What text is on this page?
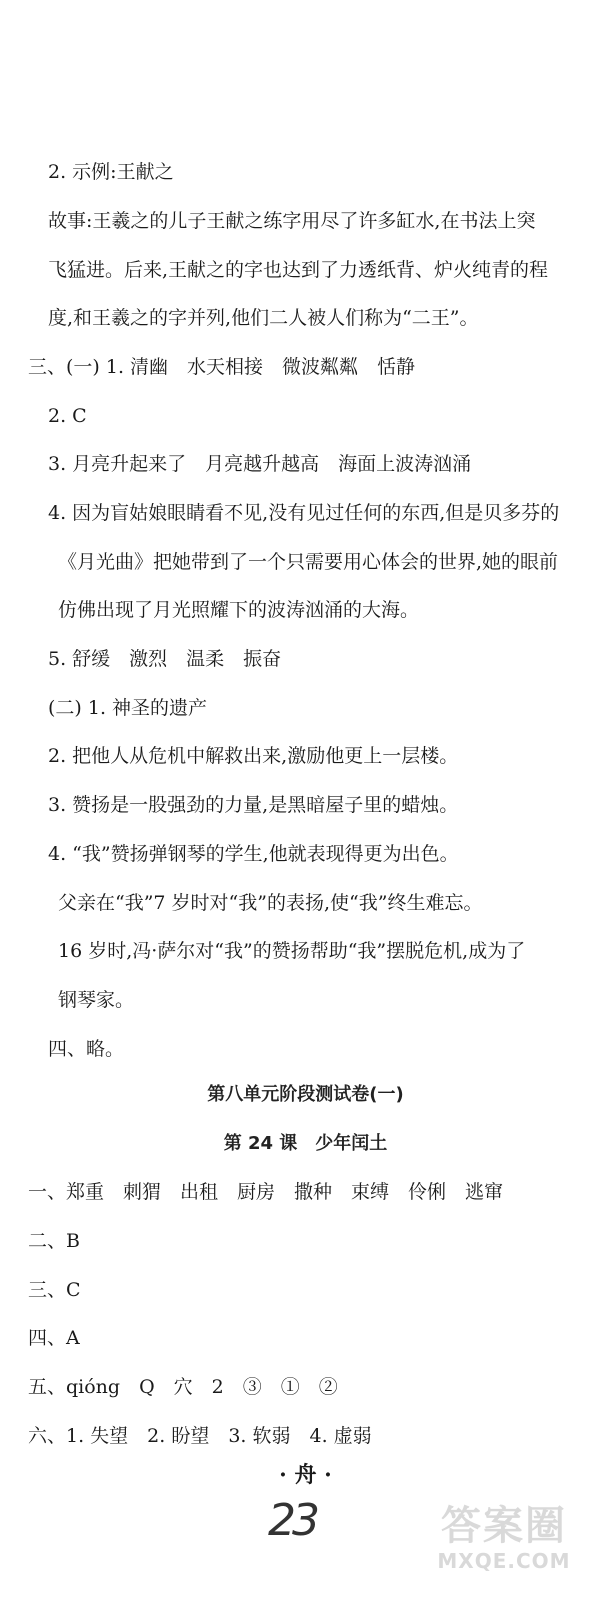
2. 示例:王献之
故事:王羲之的儿子王献之练字用尽了许多缸水,在书法上突
飞猛进。后来,王献之的字也达到了力透纸背、炉火纯青的程
度,和王羲之的字并列,他们二人被人们称为“二王”。
三、(一) 1. 清幽　水天相接　微波粼粼　恬静
2. C
3. 月亮升起来了　月亮越升越高　海面上波涛汹涌
4. 因为盲姑娘眼睛看不见,没有见过任何的东西,但是贝多芬的
《月光曲》把她带到了一个只需要用心体会的世界,她的眼前
仿佛出现了月光照耀下的波涛汹涌的大海。
5. 舒缓　激烈　温柔　振奋
(二) 1. 神圣的遗产
2. 把他人从危机中解救出来,激励他更上一层楼。
3. 赞扬是一股强劲的力量,是黑暗屋子里的蜡烛。
4. “我”赞扬弹钢琴的学生,他就表现得更为出色。
父亲在“我”7 岁时对“我”的表扬,使“我”终生难忘。
16 岁时,冯·萨尔对“我”的赞扬帮助“我”摆脱危机,成为了
钢琴家。
四、略。
第八单元阶段测试卷(一)
第 24 课　少年闰土
一、郑重　刺猬　出租　厨房　撒种　束缚　伶俐　逃窜
二、B
三、C
四、A
五、qióng　Q　穴　2　③　①　②
六、1. 失望　2. 盼望　3. 软弱　4. 虚弱
· 舟 ·
23	答案圈
MXQE.COM
